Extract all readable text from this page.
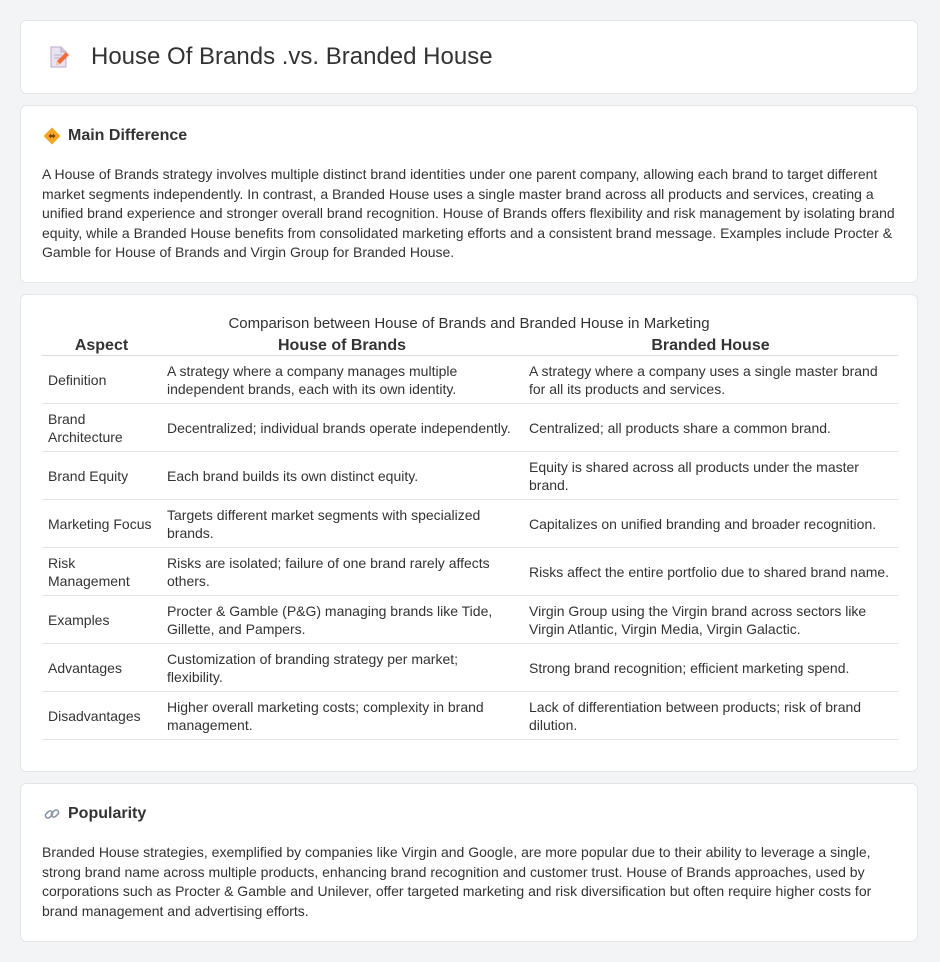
House Of Brands .vs. Branded House
Main Difference

A House of Brands strategy involves multiple distinct brand identities under one parent company, allowing each brand to target different market segments independently. In contrast, a Branded House uses a single master brand across all products and services, creating a unified brand experience and stronger overall brand recognition. House of Brands offers flexibility and risk management by isolating brand equity, while a Branded House benefits from consolidated marketing efforts and a consistent brand message. Examples include Procter & Gamble for House of Brands and Virgin Group for Branded House.

Comparison between House of Brands and Branded House in Marketing
Aspect	House of Brands	Branded House
Definition	A strategy where a company manages multiple independent brands, each with its own identity.	A strategy where a company uses a single master brand for all its products and services.
Brand Architecture	Decentralized; individual brands operate independently.	Centralized; all products share a common brand.
Brand Equity	Each brand builds its own distinct equity.	Equity is shared across all products under the master brand.
Marketing Focus	Targets different market segments with specialized brands.	Capitalizes on unified branding and broader recognition.
Risk Management	Risks are isolated; failure of one brand rarely affects others.	Risks affect the entire portfolio due to shared brand name.
Examples	Procter & Gamble (P&G) managing brands like Tide, Gillette, and Pampers.	Virgin Group using the Virgin brand across sectors like Virgin Atlantic, Virgin Media, Virgin Galactic.
Advantages	Customization of branding strategy per market; flexibility.	Strong brand recognition; efficient marketing spend.
Disadvantages	Higher overall marketing costs; complexity in brand management.	Lack of differentiation between products; risk of brand dilution.
Popularity

Branded House strategies, exemplified by companies like Virgin and Google, are more popular due to their ability to leverage a single, strong brand name across multiple products, enhancing brand recognition and customer trust. House of Brands approaches, used by corporations such as Procter & Gamble and Unilever, offer targeted marketing and risk diversification but often require higher costs for brand management and advertising efforts.
